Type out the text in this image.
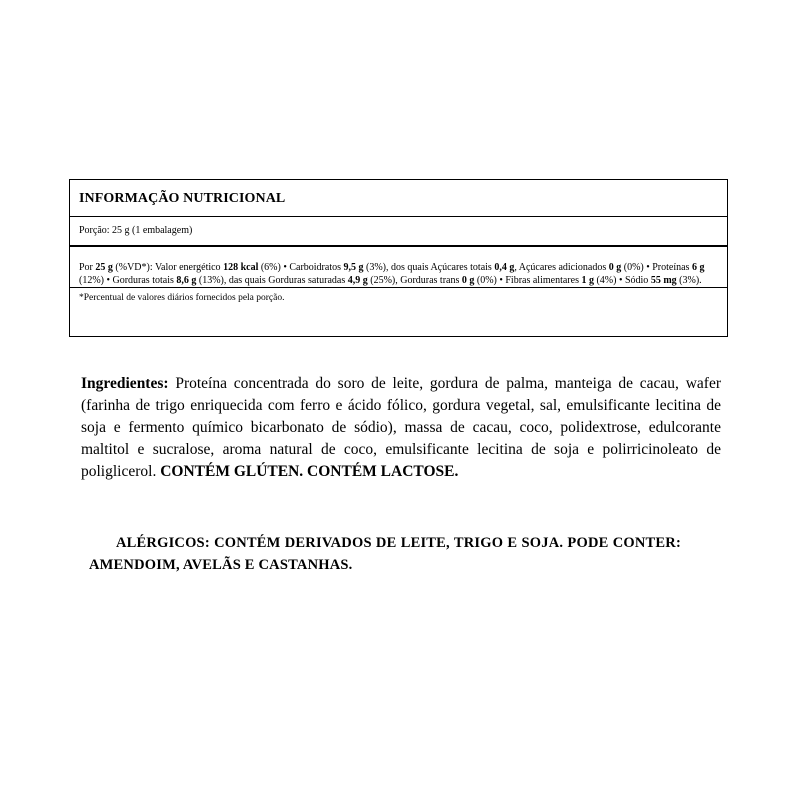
INFORMAÇÃO NUTRICIONAL
Porção: 25 g (1 embalagem)
Por 25 g (%VD*): Valor energético 128 kcal (6%) • Carboidratos 9,5 g (3%), dos quais Açúcares totais 0,4 g, Açúcares adicionados 0 g (0%) • Proteínas 6 g (12%) • Gorduras totais 8,6 g (13%), das quais Gorduras saturadas 4,9 g (25%), Gorduras trans 0 g (0%) • Fibras alimentares 1 g (4%) • Sódio 55 mg (3%).
*Percentual de valores diários fornecidos pela porção.
Ingredientes: Proteína concentrada do soro de leite, gordura de palma, manteiga de cacau, wafer (farinha de trigo enriquecida com ferro e ácido fólico, gordura vegetal, sal, emulsificante lecitina de soja e fermento químico bicarbonato de sódio), massa de cacau, coco, polidextrose, edulcorante maltitol e sucralose, aroma natural de coco, emulsificante lecitina de soja e polirricinoleato de poliglicerol. CONTÉM GLÚTEN. CONTÉM LACTOSE.
ALÉRGICOS: CONTÉM DERIVADOS DE LEITE, TRIGO E SOJA. PODE CONTER: AMENDOIM, AVELÃS E CASTANHAS.
